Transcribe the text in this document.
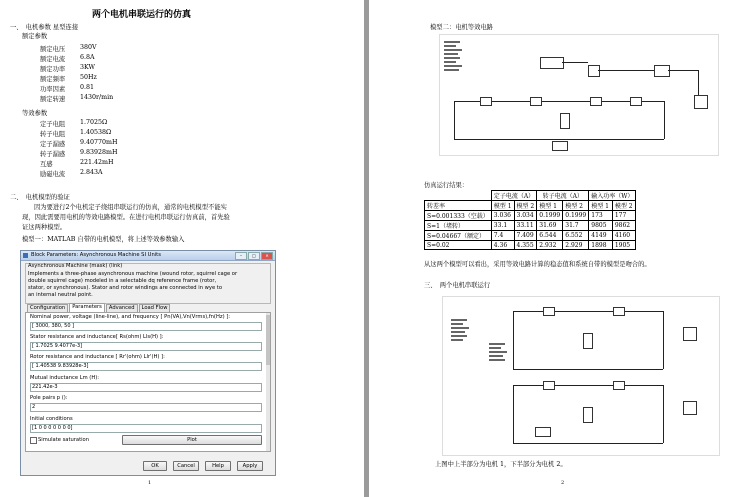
两个电机串联运行的仿真
一、　电机参数 星型连接
额定参数
额定电压 380V
额定电流 6.8A
额定功率 3KW
额定频率 50Hz
功率因素 0.81
额定转速 1430r/min
等效参数
定子电阻 1.7025Ω
转子电阻 1.40538Ω
定子漏感 9.40770mH
转子漏感 9.83928mH
互感	221.42mH
励磁电流 2.843A
二、　电机模型的验证
因为要进行2个电机定子绕组串联运行的仿真，通常的电机模型不能实
现，因此需要用电机的等效电路模型。在进行电机串联运行仿真前，首先验
证这两种模型。
模型一：MATLAB 自带的电机模型，将上述等效参数输入
Block Parameters: Asynchronous Machine SI Units	–	□	✕
Asynchronous Machine (mask) (link)
Implements a three-phase asynchronous machine (wound rotor, squirrel cage or
double squirrel cage) modeled in a selectable dq reference frame (rotor,
stator, or synchronous). Stator and rotor windings are connected in wye to
an internal neutral point.
Configuration	Parameters	Advanced	Load Flow
Nominal power, voltage (line-line), and frequency [ Pn(VA),Vn(Vrms),fn(Hz) ]:
[ 3000, 380, 50 ]
Stator resistance and inductance[ Rs(ohm) Lls(H) ]:
[ 1.7025 9.4077e-3]
Rotor resistance and inductance [ Rr'(ohm) Llr'(H) ]:
[ 1.40538 9.83928e-3]
Mutual inductance Lm (H):
221.42e-3
Pole pairs p ():
2
Initial conditions
[1 0 0 0 0 0 0 0]
Simulate saturation	Plot
OK	Cancel	Help	Apply
1
模型二：电机等效电路
仿真运行结果：
	定子电流（A）		转子电流（A）		输入功率（W）	
转差率	模型 1	模型 2	模型 1	模型 2	模型 1	模型 2
S=0.001333（空载）	3.036	3.034	0.1999	0.1999	173	177
S=1（堵转）	33.1	33.11	31.69	31.7	9805	9862
S=0.04667（额定）	7.4	7.409	6.544	6.552	4149	4160
S=0.02	4.36	4.355	2.932	2.929	1898	1905
从这两个模型可以看出，采用等效电路计算的稳态值和系统自带的模型是吻合的。
三、　两个电机串联运行
上图中上半部分为电机 1，下半部分为电机 2。
2
